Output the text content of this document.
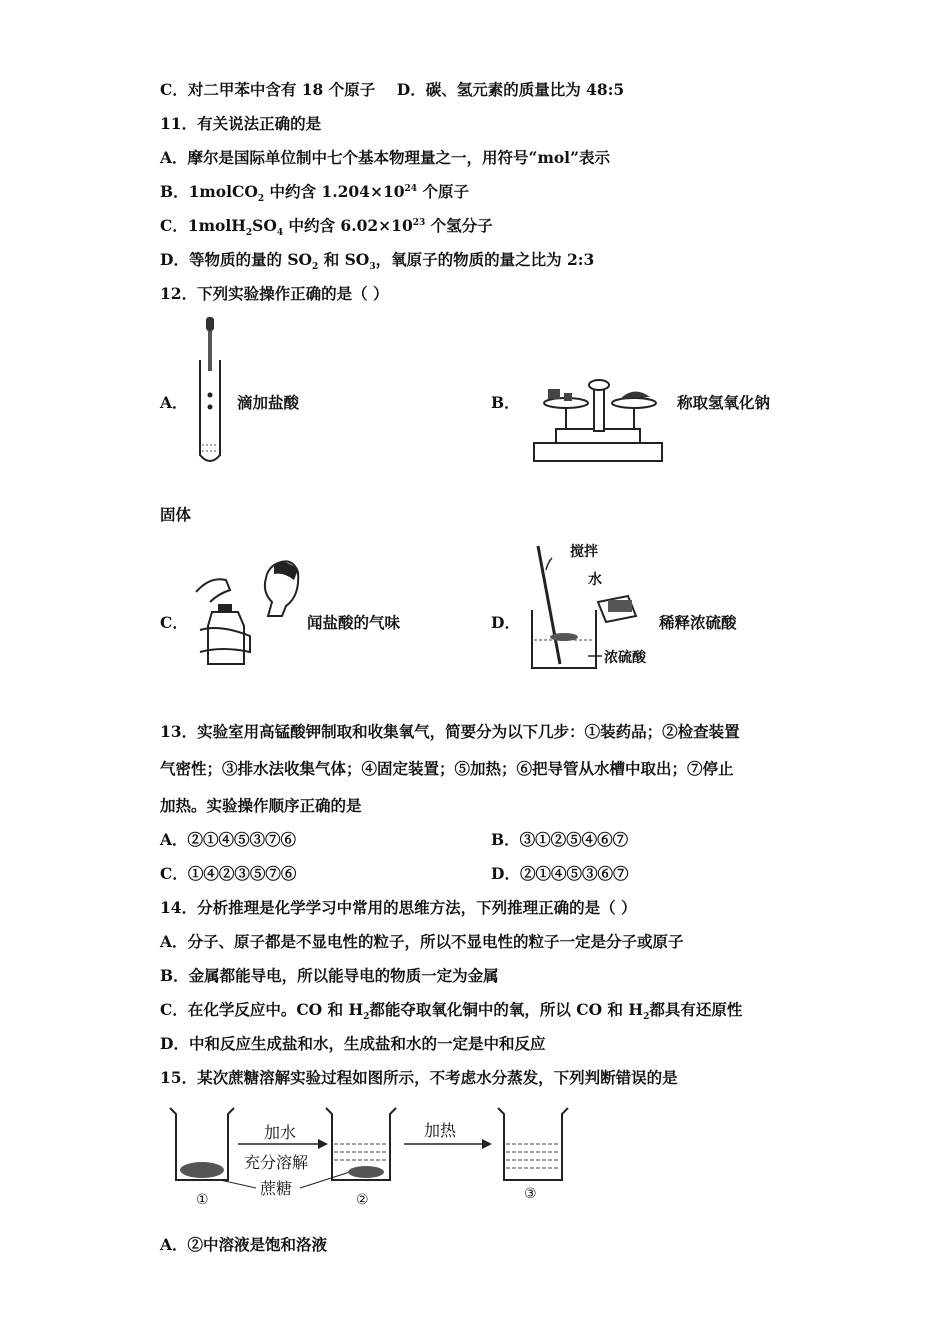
C．对二甲苯中含有 18 个原子 D．碳、氢元素的质量比为 48:5
11．有关说法正确的是
A．摩尔是国际单位制中七个基本物理量之一，用符号“mol”表示
B．1molCO$_2$ 中约含 $1.204\times 10^{24}$ 个原子
C．$1molH_2SO_4$ 中约含 $6.02\times 10^{23}$ 个氢分子
D．等物质的量的 $SO_2$ 和 $SO_3$，氧原子的物质的量之比为 2:3
12．下列实验操作正确的是（ ）
A．	滴加盐酸	B．	称取氢氧化钠
固体
C．	闻盐酸的气味	D．
搅拌
水
浓硫酸
稀释浓硫酸
13．实验室用高锰酸钾制取和收集氧气，简要分为以下几步：①装药品；②检查装置
气密性；③排水法收集气体；④固定装置；⑤加热；⑥把导管从水槽中取出；⑦停止
加热。实验操作顺序正确的是
A．②①④⑤③⑦⑥	B．③①②⑤④⑥⑦
C．①④②③⑤⑦⑥	D．②①④⑤③⑥⑦
14．分析推理是化学学习中常用的思维方法，下列推理正确的是（ ）
A．分子、原子都是不显电性的粒子，所以不显电性的粒子一定是分子或原子
B．金属都能导电，所以能导电的物质一定为金属
C．在化学反应中。CO 和 $H_2$都能夺取氧化铜中的氧，所以 CO 和 $H_2$都具有还原性
D．中和反应生成盐和水，生成盐和水的一定是中和反应
15．某次蔗糖溶解实验过程如图所示，不考虑水分蒸发，下列判断错误的是
①
加水
充分溶解
蔗糖
②
加热
③
A．②中溶液是饱和洛液
